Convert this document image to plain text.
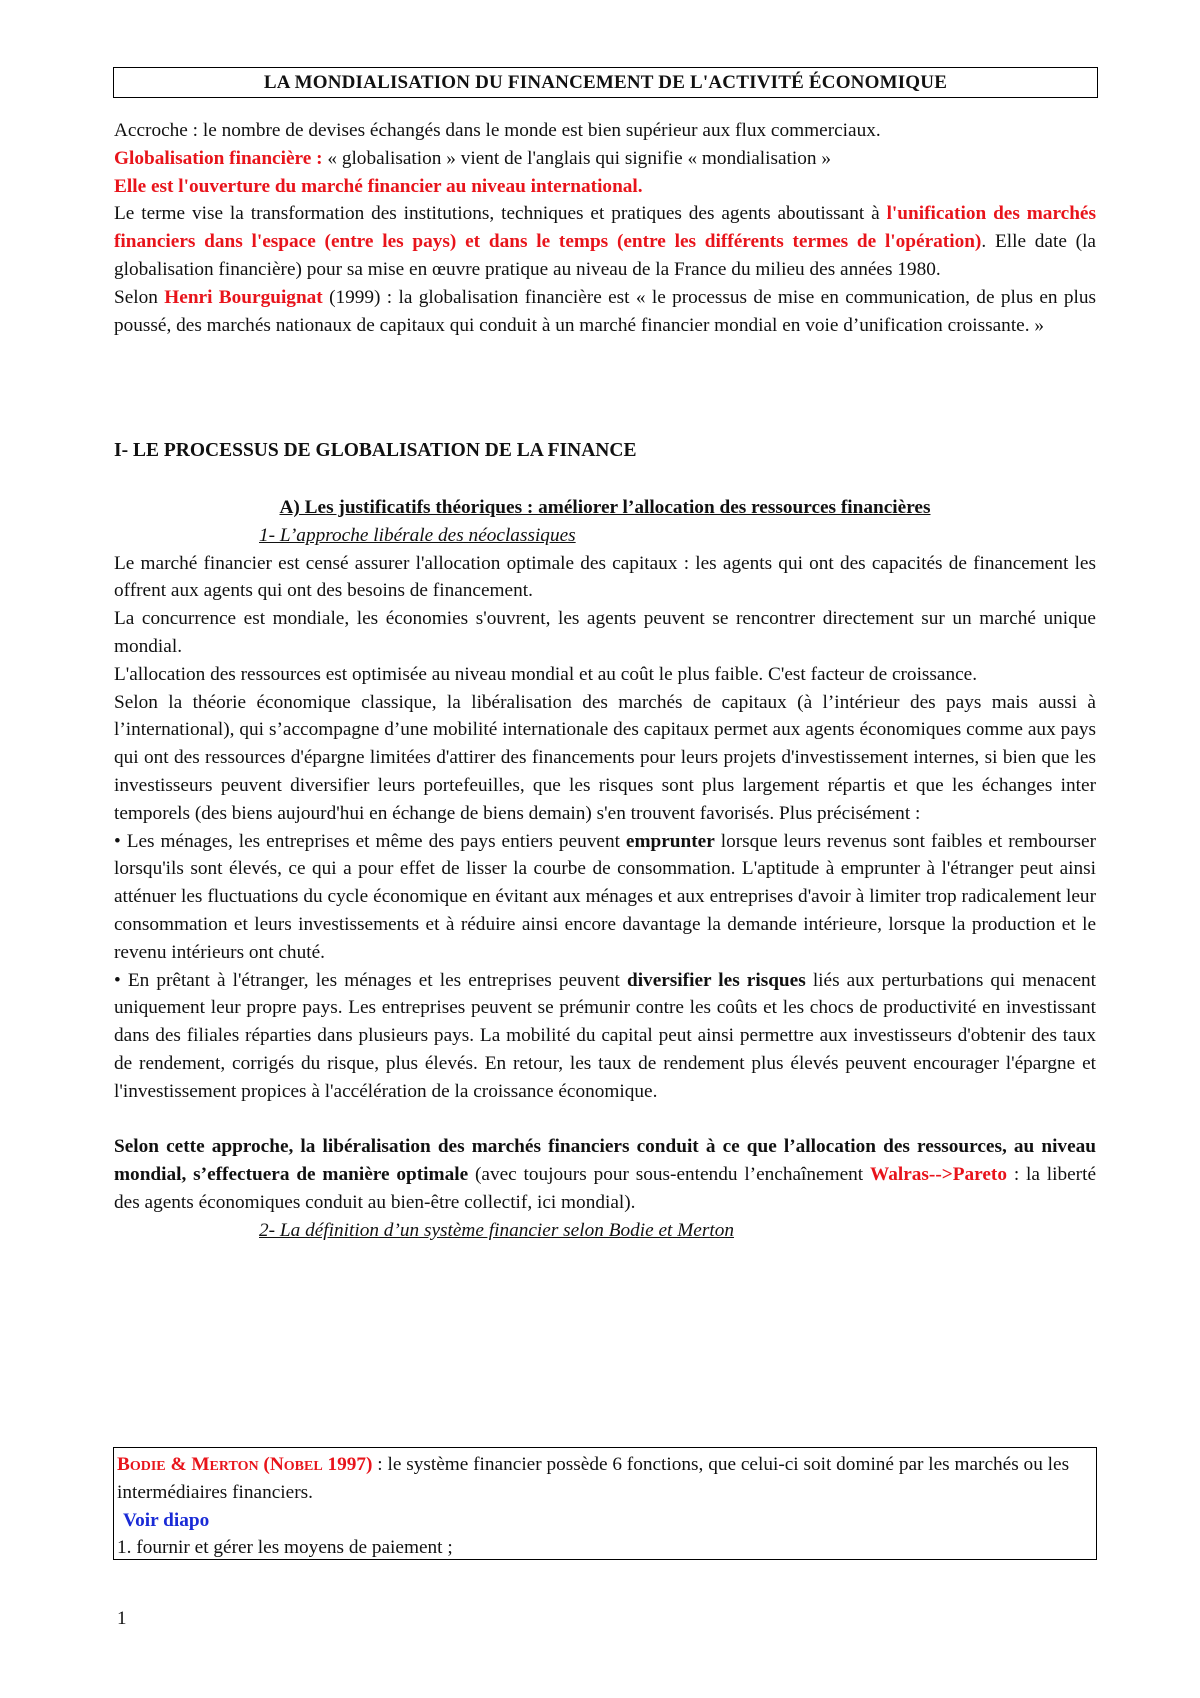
LA MONDIALISATION DU FINANCEMENT DE L'ACTIVITÉ ÉCONOMIQUE

Accroche : le nombre de devises échangés dans le monde est bien supérieur aux flux commerciaux.

Globalisation financière : « globalisation » vient de l'anglais qui signifie « mondialisation »

Elle est l'ouverture du marché financier au niveau international.

Le terme vise la transformation des institutions, techniques et pratiques des agents aboutissant à l'unification des marchés financiers dans l'espace (entre les pays) et dans le temps (entre les différents termes de l'opération). Elle date (la globalisation financière) pour sa mise en œuvre pratique au niveau de la France du milieu des années 1980.

Selon Henri Bourguignat (1999) : la globalisation financière est « le processus de mise en communication, de plus en plus poussé, des marchés nationaux de capitaux qui conduit à un marché financier mondial en voie d’unification croissante. »

I- LE PROCESSUS DE GLOBALISATION DE LA FINANCE

A) Les justificatifs théoriques : améliorer l’allocation des ressources financières

1- L’approche libérale des néoclassiques

Le marché financier est censé assurer l'allocation optimale des capitaux : les agents qui ont des capacités de financement les offrent aux agents qui ont des besoins de financement.

La concurrence est mondiale, les économies s'ouvrent, les agents peuvent se rencontrer directement sur un marché unique mondial.

L'allocation des ressources est optimisée au niveau mondial et au coût le plus faible. C'est facteur de croissance.

Selon la théorie économique classique, la libéralisation des marchés de capitaux (à l’intérieur des pays mais aussi à l’international), qui s’accompagne d’une mobilité internationale des capitaux permet aux agents économiques comme aux pays qui ont des ressources d'épargne limitées d'attirer des financements pour leurs projets d'investissement internes, si bien que les investisseurs peuvent diversifier leurs portefeuilles, que les risques sont plus largement répartis et que les échanges inter temporels (des biens aujourd'hui en échange de biens demain) s'en trouvent favorisés. Plus précisément :

• Les ménages, les entreprises et même des pays entiers peuvent emprunter lorsque leurs revenus sont faibles et rembourser lorsqu'ils sont élevés, ce qui a pour effet de lisser la courbe de consommation. L'aptitude à emprunter à l'étranger peut ainsi atténuer les fluctuations du cycle économique en évitant aux ménages et aux entreprises d'avoir à limiter trop radicalement leur consommation et leurs investissements et à réduire ainsi encore davantage la demande intérieure, lorsque la production et le revenu intérieurs ont chuté.

• En prêtant à l'étranger, les ménages et les entreprises peuvent diversifier les risques liés aux perturbations qui menacent uniquement leur propre pays. Les entreprises peuvent se prémunir contre les coûts et les chocs de productivité en investissant dans des filiales réparties dans plusieurs pays. La mobilité du capital peut ainsi permettre aux investisseurs d'obtenir des taux de rendement, corrigés du risque, plus élevés. En retour, les taux de rendement plus élevés peuvent encourager l'épargne et l'investissement propices à l'accélération de la croissance économique.

Selon cette approche, la libéralisation des marchés financiers conduit à ce que l’allocation des ressources, au niveau mondial, s’effectuera de manière optimale (avec toujours pour sous-entendu l’enchaînement Walras-->Pareto : la liberté des agents économiques conduit au bien-être collectif, ici mondial).

2- La définition d’un système financier selon Bodie et Merton

Bodie & Merton (Nobel 1997) : le système financier possède 6 fonctions, que celui-ci soit dominé par les marchés ou les intermédiaires financiers.

Voir diapo

1. fournir et gérer les moyens de paiement ;

1
